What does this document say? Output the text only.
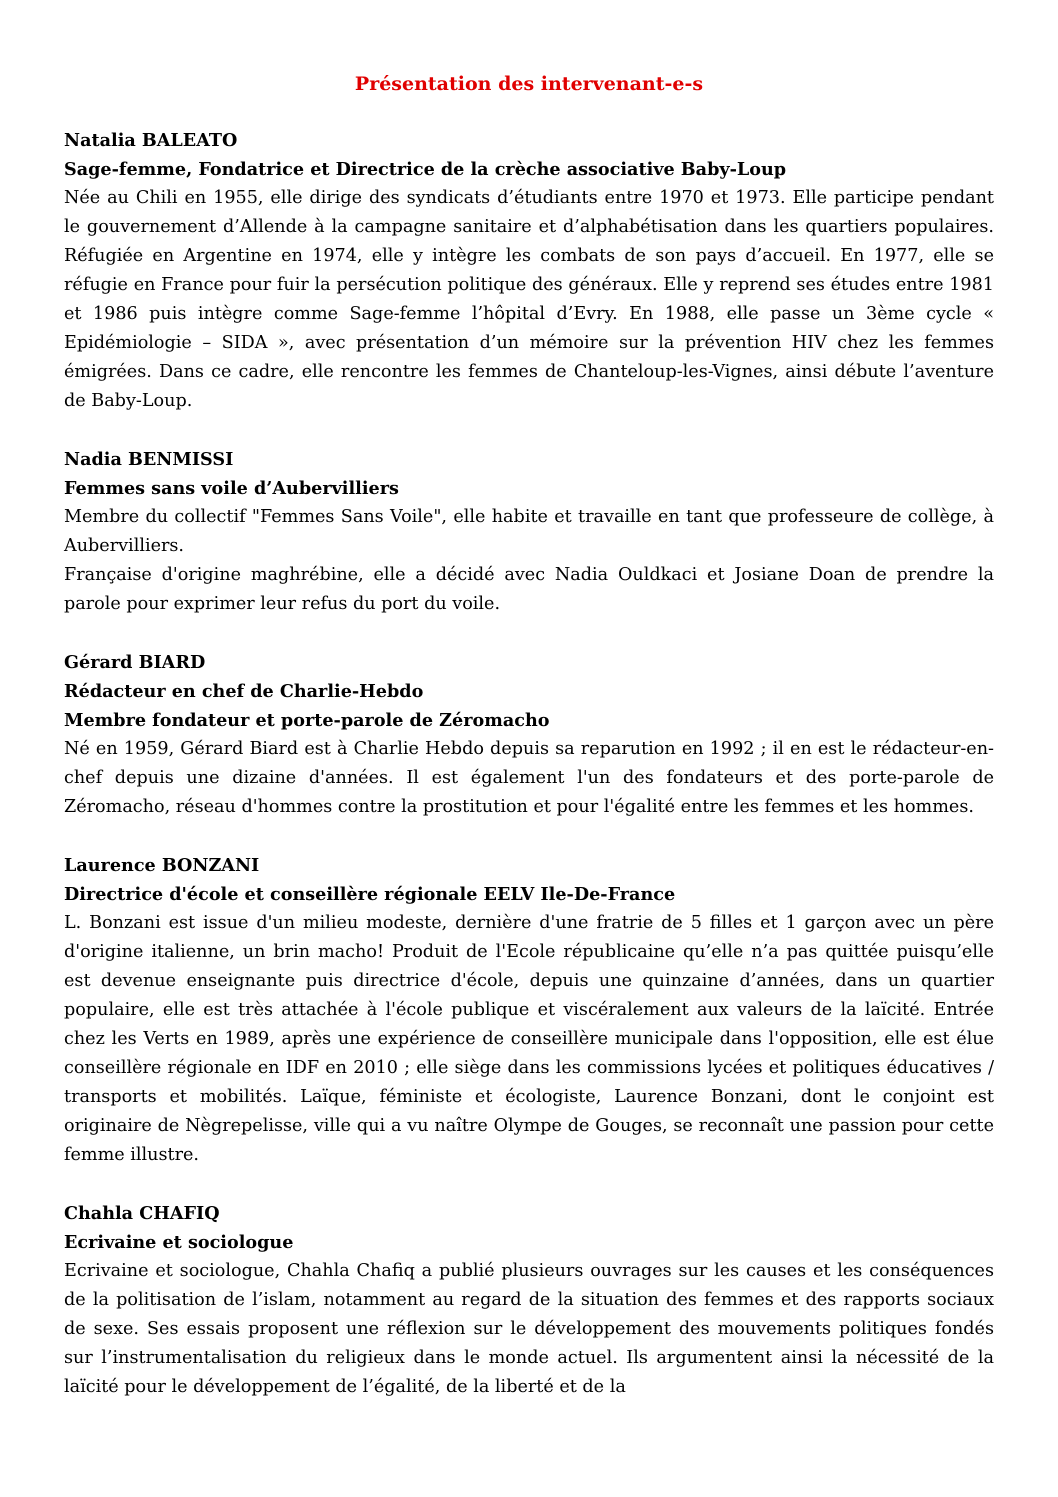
Présentation des intervenant-e-s

Natalia BALEATO

Sage-femme, Fondatrice et Directrice de la crèche associative Baby-Loup

Née au Chili en 1955, elle dirige des syndicats d’étudiants entre 1970 et 1973. Elle participe pendant le gouvernement d’Allende à la campagne sanitaire et d’alphabétisation dans les quartiers populaires. Réfugiée en Argentine en 1974, elle y intègre les combats de son pays d’accueil. En 1977, elle se réfugie en France pour fuir la persécution politique des généraux. Elle y reprend ses études entre 1981 et 1986 puis intègre comme Sage-femme l’hôpital d’Evry. En 1988, elle passe un 3ème cycle « Epidémiologie – SIDA », avec présentation d’un mémoire sur la prévention HIV chez les femmes émigrées. Dans ce cadre, elle rencontre les femmes de Chanteloup-les-Vignes, ainsi débute l’aventure de Baby-Loup.

Nadia BENMISSI

Femmes sans voile d’Aubervilliers

Membre du collectif "Femmes Sans Voile", elle habite et travaille en tant que professeure de collège, à Aubervilliers.

Française d'origine maghrébine, elle a décidé avec Nadia Ouldkaci et Josiane Doan de prendre la parole pour exprimer leur refus du port du voile.

Gérard BIARD

Rédacteur en chef de Charlie-Hebdo

Membre fondateur et porte-parole de Zéromacho

Né en 1959, Gérard Biard est à Charlie Hebdo depuis sa reparution en 1992 ; il en est le rédacteur-en-chef depuis une dizaine d'années. Il est également l'un des fondateurs et des porte-parole de Zéromacho, réseau d'hommes contre la prostitution et pour l'égalité entre les femmes et les hommes.

Laurence BONZANI

Directrice d'école et conseillère régionale EELV Ile-De-France

L. Bonzani est issue d'un milieu modeste, dernière d'une fratrie de 5 filles et 1 garçon avec un père d'origine italienne, un brin macho! Produit de l'Ecole républicaine qu’elle n’a pas quittée puisqu’elle est devenue enseignante puis directrice d'école, depuis une quinzaine d’années, dans un quartier populaire, elle est très attachée à l'école publique et viscéralement aux valeurs de la laïcité. Entrée chez les Verts en 1989, après une expérience de conseillère municipale dans l'opposition, elle est élue conseillère régionale en IDF en 2010 ; elle siège dans les commissions lycées et politiques éducatives / transports et mobilités. Laïque, féministe et écologiste, Laurence Bonzani, dont le conjoint est originaire de Nègrepelisse, ville qui a vu naître Olympe de Gouges, se reconnaît une passion pour cette femme illustre.

Chahla CHAFIQ

Ecrivaine et sociologue

Ecrivaine et sociologue, Chahla Chafiq a publié plusieurs ouvrages sur les causes et les conséquences de la politisation de l’islam, notamment au regard de la situation des femmes et des rapports sociaux de sexe. Ses essais proposent une réflexion sur le développement des mouvements politiques fondés sur l’instrumentalisation du religieux dans le monde actuel. Ils argumentent ainsi la nécessité de la laïcité pour le développement de l’égalité, de la liberté et de la
